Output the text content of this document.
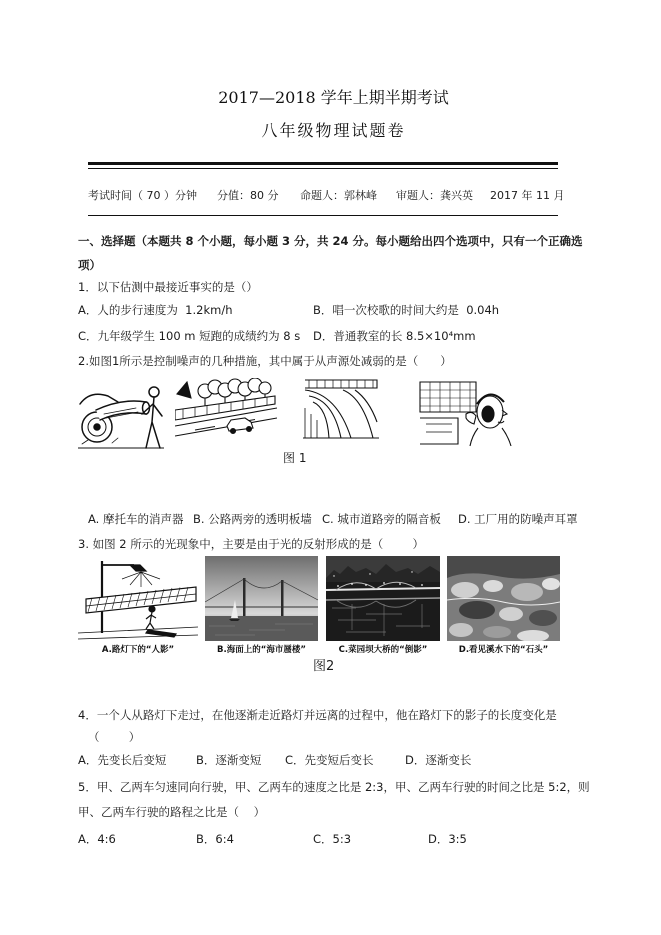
2017—2018 学年上期半期考试
八年级物理试题卷
考试时间（ 70 ）分钟 分值：80 分 命题人：郭林峰 审题人：龚兴英 2017 年 11 月
一、选择题（本题共 8 个小题，每小题 3 分，共 24 分。每小题给出四个选项中，只有一个正确选
项）
1．以下估测中最接近事实的是（）
A．人的步行速度为  1.2km/h	B．唱一次校歌的时间大约是  0.04h
C．九年级学生 100 m 短跑的成绩约为 8 s D．普通教室的长 8.5×10⁴mm
2.如图1所示是控制噪声的几种措施，其中属于从声源处减弱的是（      ）
图 1
A. 摩托车的消声器 B. 公路两旁的透明板墙 C. 城市道路旁的隔音板 D. 工厂用的防噪声耳罩
3. 如图 2 所示的光现象中，主要是由于光的反射形成的是（        ）
A.路灯下的“人影”	B.海面上的“海市蜃楼”	C.菜园坝大桥的“倒影”	D.看见溪水下的“石头”
图2
4．一个人从路灯下走过，在他逐渐走近路灯并远离的过程中，他在路灯下的影子的长度变化是
（        ）
A．先变长后变短	B．逐渐变短 C．先变短后变长	D．逐渐变长
5．甲、乙两车匀速同向行驶，甲、乙两车的速度之比是 2:3，甲、乙两车行驶的时间之比是 5:2，则
甲、乙两车行驶的路程之比是（    ）
A．4:6	B．6:4	C．5:3	D．3:5
